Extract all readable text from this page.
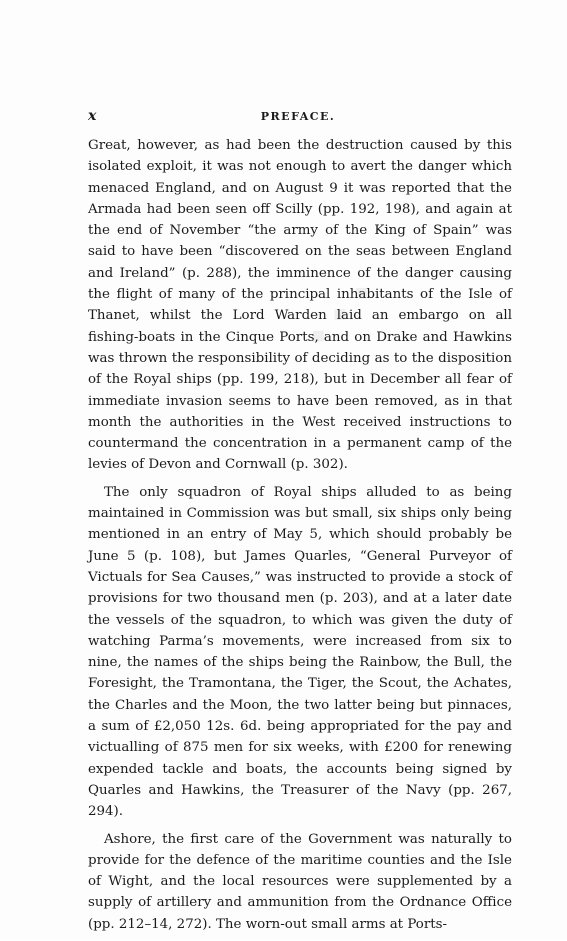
◆ ◆ ◆
x	PREFACE.

Great, however, as had been the destruction caused by this isolated exploit, it was not enough to avert the danger which menaced England, and on August 9 it was reported that the Armada had been seen off Scilly (pp. 192, 198), and again at the end of November “the army of the King of Spain” was said to have been “discovered on the seas between England and Ireland” (p. 288), the imminence of the danger causing the flight of many of the principal inhabitants of the Isle of Thanet, whilst the Lord Warden laid an embargo on all fishing-boats in the Cinque Ports, and on Drake and Hawkins was thrown the responsibility of deciding as to the disposition of the Royal ships (pp. 199, 218), but in December all fear of immediate invasion seems to have been removed, as in that month the authorities in the West received instructions to countermand the concentration in a permanent camp of the levies of Devon and Cornwall (p. 302).

The only squadron of Royal ships alluded to as being maintained in Commission was but small, six ships only being mentioned in an entry of May 5, which should probably be June 5 (p. 108), but James Quarles, “General Purveyor of Victuals for Sea Causes,” was instructed to provide a stock of provisions for two thousand men (p. 203), and at a later date the vessels of the squadron, to which was given the duty of watching Parma’s movements, were increased from six to nine, the names of the ships being the Rainbow, the Bull, the Foresight, the Tramontana, the Tiger, the Scout, the Achates, the Charles and the Moon, the two latter being but pinnaces, a sum of £2,050 12s. 6d. being appropriated for the pay and victualling of 875 men for six weeks, with £200 for renewing expended tackle and boats, the accounts being signed by Quarles and Hawkins, the Treasurer of the Navy (pp. 267, 294).

Ashore, the first care of the Government was naturally to provide for the defence of the maritime counties and the Isle of Wight, and the local resources were supplemented by a supply of artillery and ammunition from the Ordnance Office (pp. 212–14, 272). The worn-out small arms at Ports-
